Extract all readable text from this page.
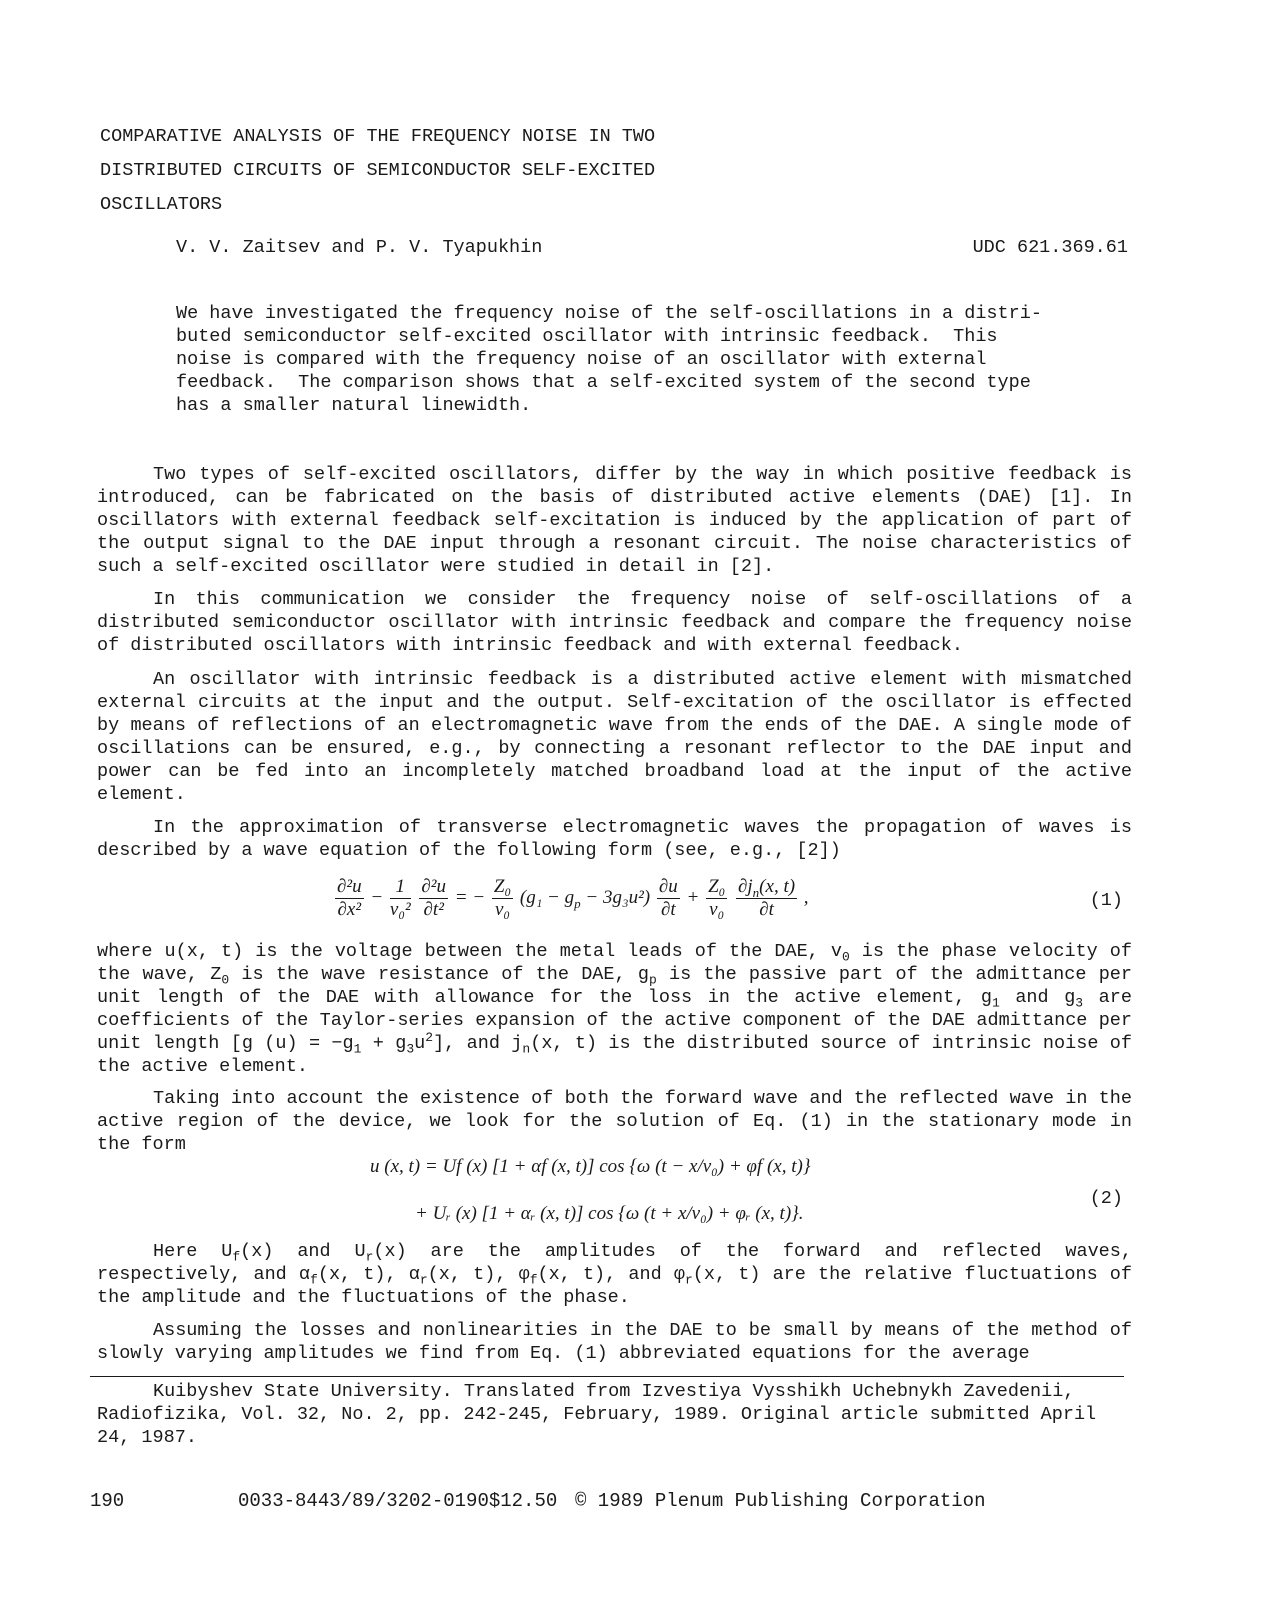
COMPARATIVE ANALYSIS OF THE FREQUENCY NOISE IN TWO
DISTRIBUTED CIRCUITS OF SEMICONDUCTOR SELF-EXCITED
OSCILLATORS
V. V. Zaitsev and P. V. Tyapukhin	UDC 621.369.61
We have investigated the frequency noise of the self-oscillations in a distri-
buted semiconductor self-excited oscillator with intrinsic feedback.  This
noise is compared with the frequency noise of an oscillator with external
feedback.  The comparison shows that a self-excited system of the second type
has a smaller natural linewidth.

Two types of self-excited oscillators, differ by the way in which positive feedback is introduced, can be fabricated on the basis of distributed active elements (DAE) [1]. In oscillators with external feedback self-excitation is induced by the application of part of the output signal to the DAE input through a resonant circuit. The noise characteristics of such a self-excited oscillator were studied in detail in [2].

In this communication we consider the frequency noise of self-oscillations of a distributed semiconductor oscillator with intrinsic feedback and compare the frequency noise of distributed oscillators with intrinsic feedback and with external feedback.

An oscillator with intrinsic feedback is a distributed active element with mismatched external circuits at the input and the output. Self-excitation of the oscillator is effected by means of reflections of an electromagnetic wave from the ends of the DAE. A single mode of oscillations can be ensured, e.g., by connecting a resonant reflector to the DAE input and power can be fed into an incompletely matched broadband load at the input of the active element.

In the approximation of transverse electromagnetic waves the propagation of waves is described by a wave equation of the following form (see, e.g., [2])

$\frac{\text{∂²u}}{\text{∂x²}} - \frac{1}{\text{v₀²}}$
$\frac{\text{∂²u}}{\text{∂t²}}$ = − $\frac{\text{Z₀}}{\text{v₀}} (g_1 - g_p - 3g_3u^2) \frac{\partial u}{\partial t} + \frac{\text{Z₀}}{\text{v₀}}$
$\frac{\partial j_n(x, t)}{\partial t}$ ,	(1)

where u(x, t) is the voltage between the metal leads of the DAE, $v_0$ is the phase velocity of the wave, $Z_0$ is the wave resistance of the DAE, $g_p$ is the passive part of the admittance per unit length of the DAE with allowance for the loss in the active element, $g_1$ and $g_3$ are coefficients of the Taylor-series expansion of the active component of the DAE admittance per unit length [g $(u) = -g_1 + g_3u^2$], and $j_n(x$, t) is the distributed source of intrinsic noise of the active element.

Taking into account the existence of both the forward wave and the reflected wave in the active region of the device, we look for the solution of Eq. (1) in the stationary mode in the form

u (x, t) = Uf (x) [1 + αf (x, t)] cos {ω (t − x/v₀) + φf (x, t)}
+ Uᵣ (x) [1 + αᵣ (x, t)] cos {ω (t + x/v₀) + φᵣ (x, t)}.
(2)

Here $U_f(x)$ and $U_r(x)$ are the amplitudes of the forward and reflected waves, respectively, and $\alpha_f(x$, t), $\alpha_r(x$, t), $\varphi_f(x$, t), and $\varphi_r(x$, t) are the relative fluctuations of the amplitude and the fluctuations of the phase.

Assuming the losses and nonlinearities in the DAE to be small by means of the method of slowly varying amplitudes we find from Eq. (1) abbreviated equations for the average

Kuibyshev State University. Translated from Izvestiya Vysshikh Uchebnykh Zavedenii, Radiofizika, Vol. 32, No. 2, pp. 242-245, February, 1989. Original article submitted April 24, 1987.

190	0033-8443/89/3202-0190$12.50 © 1989 Plenum Publishing Corporation
